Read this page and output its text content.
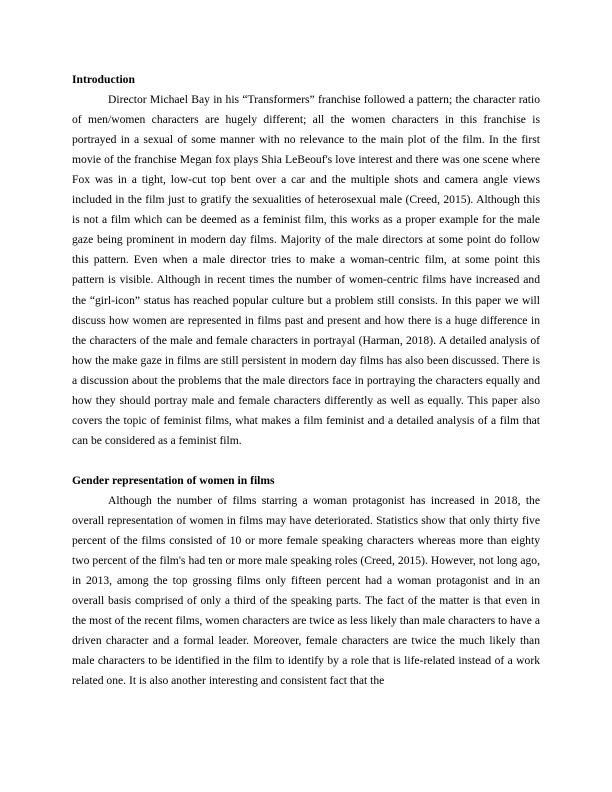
Introduction

Director Michael Bay in his “Transformers” franchise followed a pattern; the character ratio of men/women characters are hugely different; all the women characters in this franchise is portrayed in a sexual of some manner with no relevance to the main plot of the film. In the first movie of the franchise Megan fox plays Shia LeBeouf's love interest and there was one scene where Fox was in a tight, low-cut top bent over a car and the multiple shots and camera angle views included in the film just to gratify the sexualities of heterosexual male (Creed, 2015). Although this is not a film which can be deemed as a feminist film, this works as a proper example for the male gaze being prominent in modern day films. Majority of the male directors at some point do follow this pattern. Even when a male director tries to make a woman-centric film, at some point this pattern is visible. Although in recent times the number of women-centric films have increased and the “girl-icon” status has reached popular culture but a problem still consists. In this paper we will discuss how women are represented in films past and present and how there is a huge difference in the characters of the male and female characters in portrayal (Harman, 2018). A detailed analysis of how the make gaze in films are still persistent in modern day films has also been discussed. There is a discussion about the problems that the male directors face in portraying the characters equally and how they should portray male and female characters differently as well as equally. This paper also covers the topic of feminist films, what makes a film feminist and a detailed analysis of a film that can be considered as a feminist film.

Gender representation of women in films

Although the number of films starring a woman protagonist has increased in 2018, the overall representation of women in films may have deteriorated. Statistics show that only thirty five percent of the films consisted of 10 or more female speaking characters whereas more than eighty two percent of the film's had ten or more male speaking roles (Creed, 2015). However, not long ago, in 2013, among the top grossing films only fifteen percent had a woman protagonist and in an overall basis comprised of only a third of the speaking parts. The fact of the matter is that even in the most of the recent films, women characters are twice as less likely than male characters to have a driven character and a formal leader. Moreover, female characters are twice the much likely than male characters to be identified in the film to identify by a role that is life-related instead of a work related one. It is also another interesting and consistent fact that the
